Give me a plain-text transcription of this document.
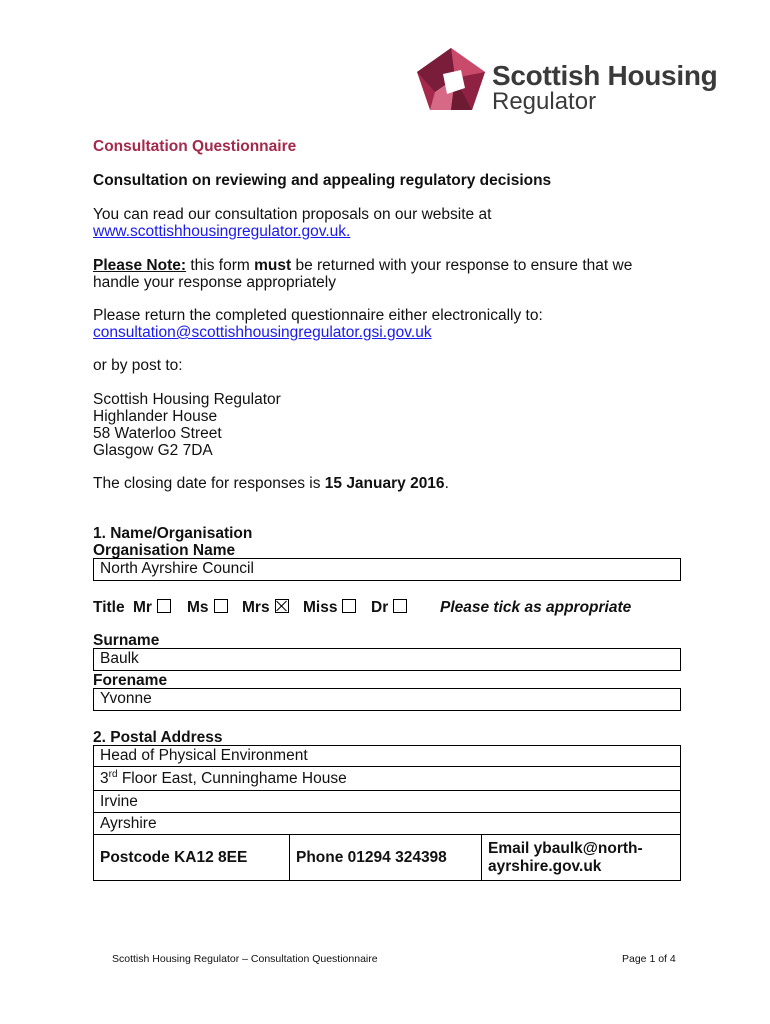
Scottish Housing
Regulator
Consultation Questionnaire
Consultation on reviewing and appealing regulatory decisions
You can read our consultation proposals on our website at
www.scottishhousingregulator.gov.uk.
Please Note: this form must be returned with your response to ensure that we
handle your response appropriately
Please return the completed questionnaire either electronically to:
consultation@scottishhousingregulator.gsi.gov.uk
or by post to:
Scottish Housing Regulator
Highlander House
58 Waterloo Street
Glasgow G2 7DA
The closing date for responses is 15 January 2016.
1. Name/Organisation
Organisation Name
North Ayrshire Council
Title Mr	Ms	Mrs	Miss	Dr	Please tick as appropriate
Surname
Baulk
Forename
Yvonne
2. Postal Address
Head of Physical Environment
3rd Floor East, Cunninghame House
Irvine
Ayrshire
Postcode KA12 8EE	Phone 01294 324398	
Email ybaulk@north-
ayrshire.gov.uk
Scottish Housing Regulator – Consultation Questionnaire	Page 1 of 4
